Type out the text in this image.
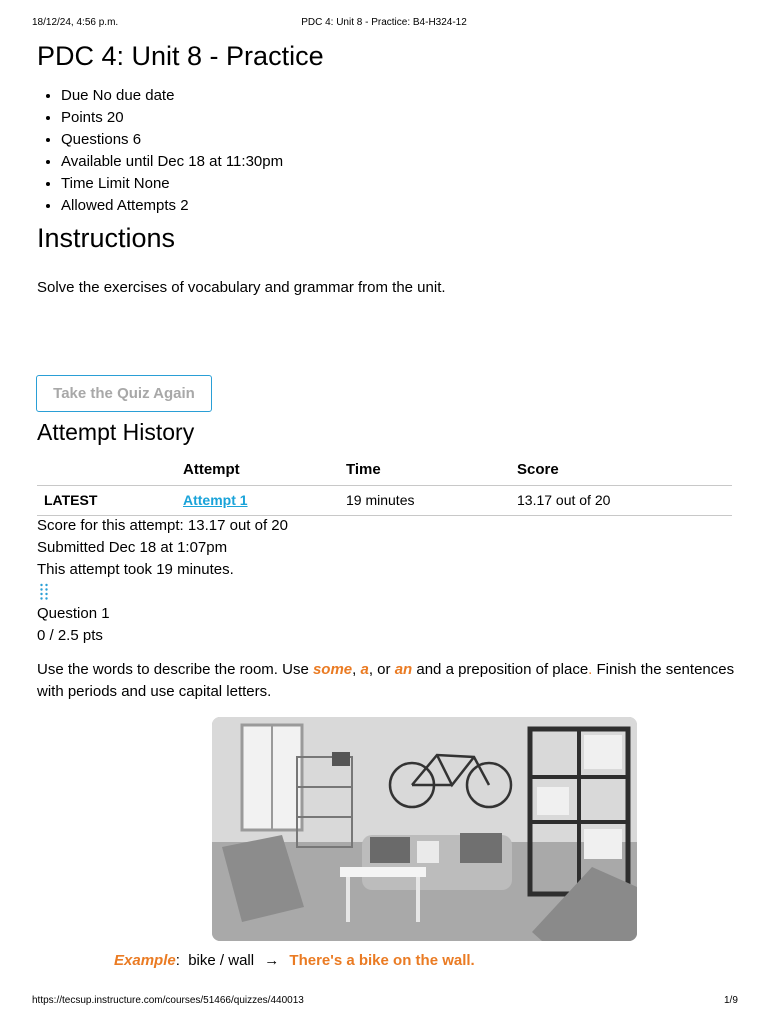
18/12/24, 4:56 p.m.	PDC 4: Unit 8 - Practice: B4-H324-12
PDC 4: Unit 8 - Practice
• Due No due date
• Points 20
• Questions 6
• Available until Dec 18 at 11:30pm
• Time Limit None
• Allowed Attempts 2
Instructions

Solve the exercises of vocabulary and grammar from the unit.

Take the Quiz Again
Attempt History
	Attempt	Time	Score
LATEST	Attempt 1	19 minutes	13.17 out of 20
Score for this attempt: 13.17 out of 20
Submitted Dec 18 at 1:07pm
This attempt took 19 minutes.
Question 1
0 / 2.5 pts

Use the words to describe the room. Use some, a, or an and a preposition of place. Finish the sentences with periods and use capital letters.

Example: bike / wall → There's a bike on the wall.
https://tecsup.instructure.com/courses/51466/quizzes/440013	1/9
